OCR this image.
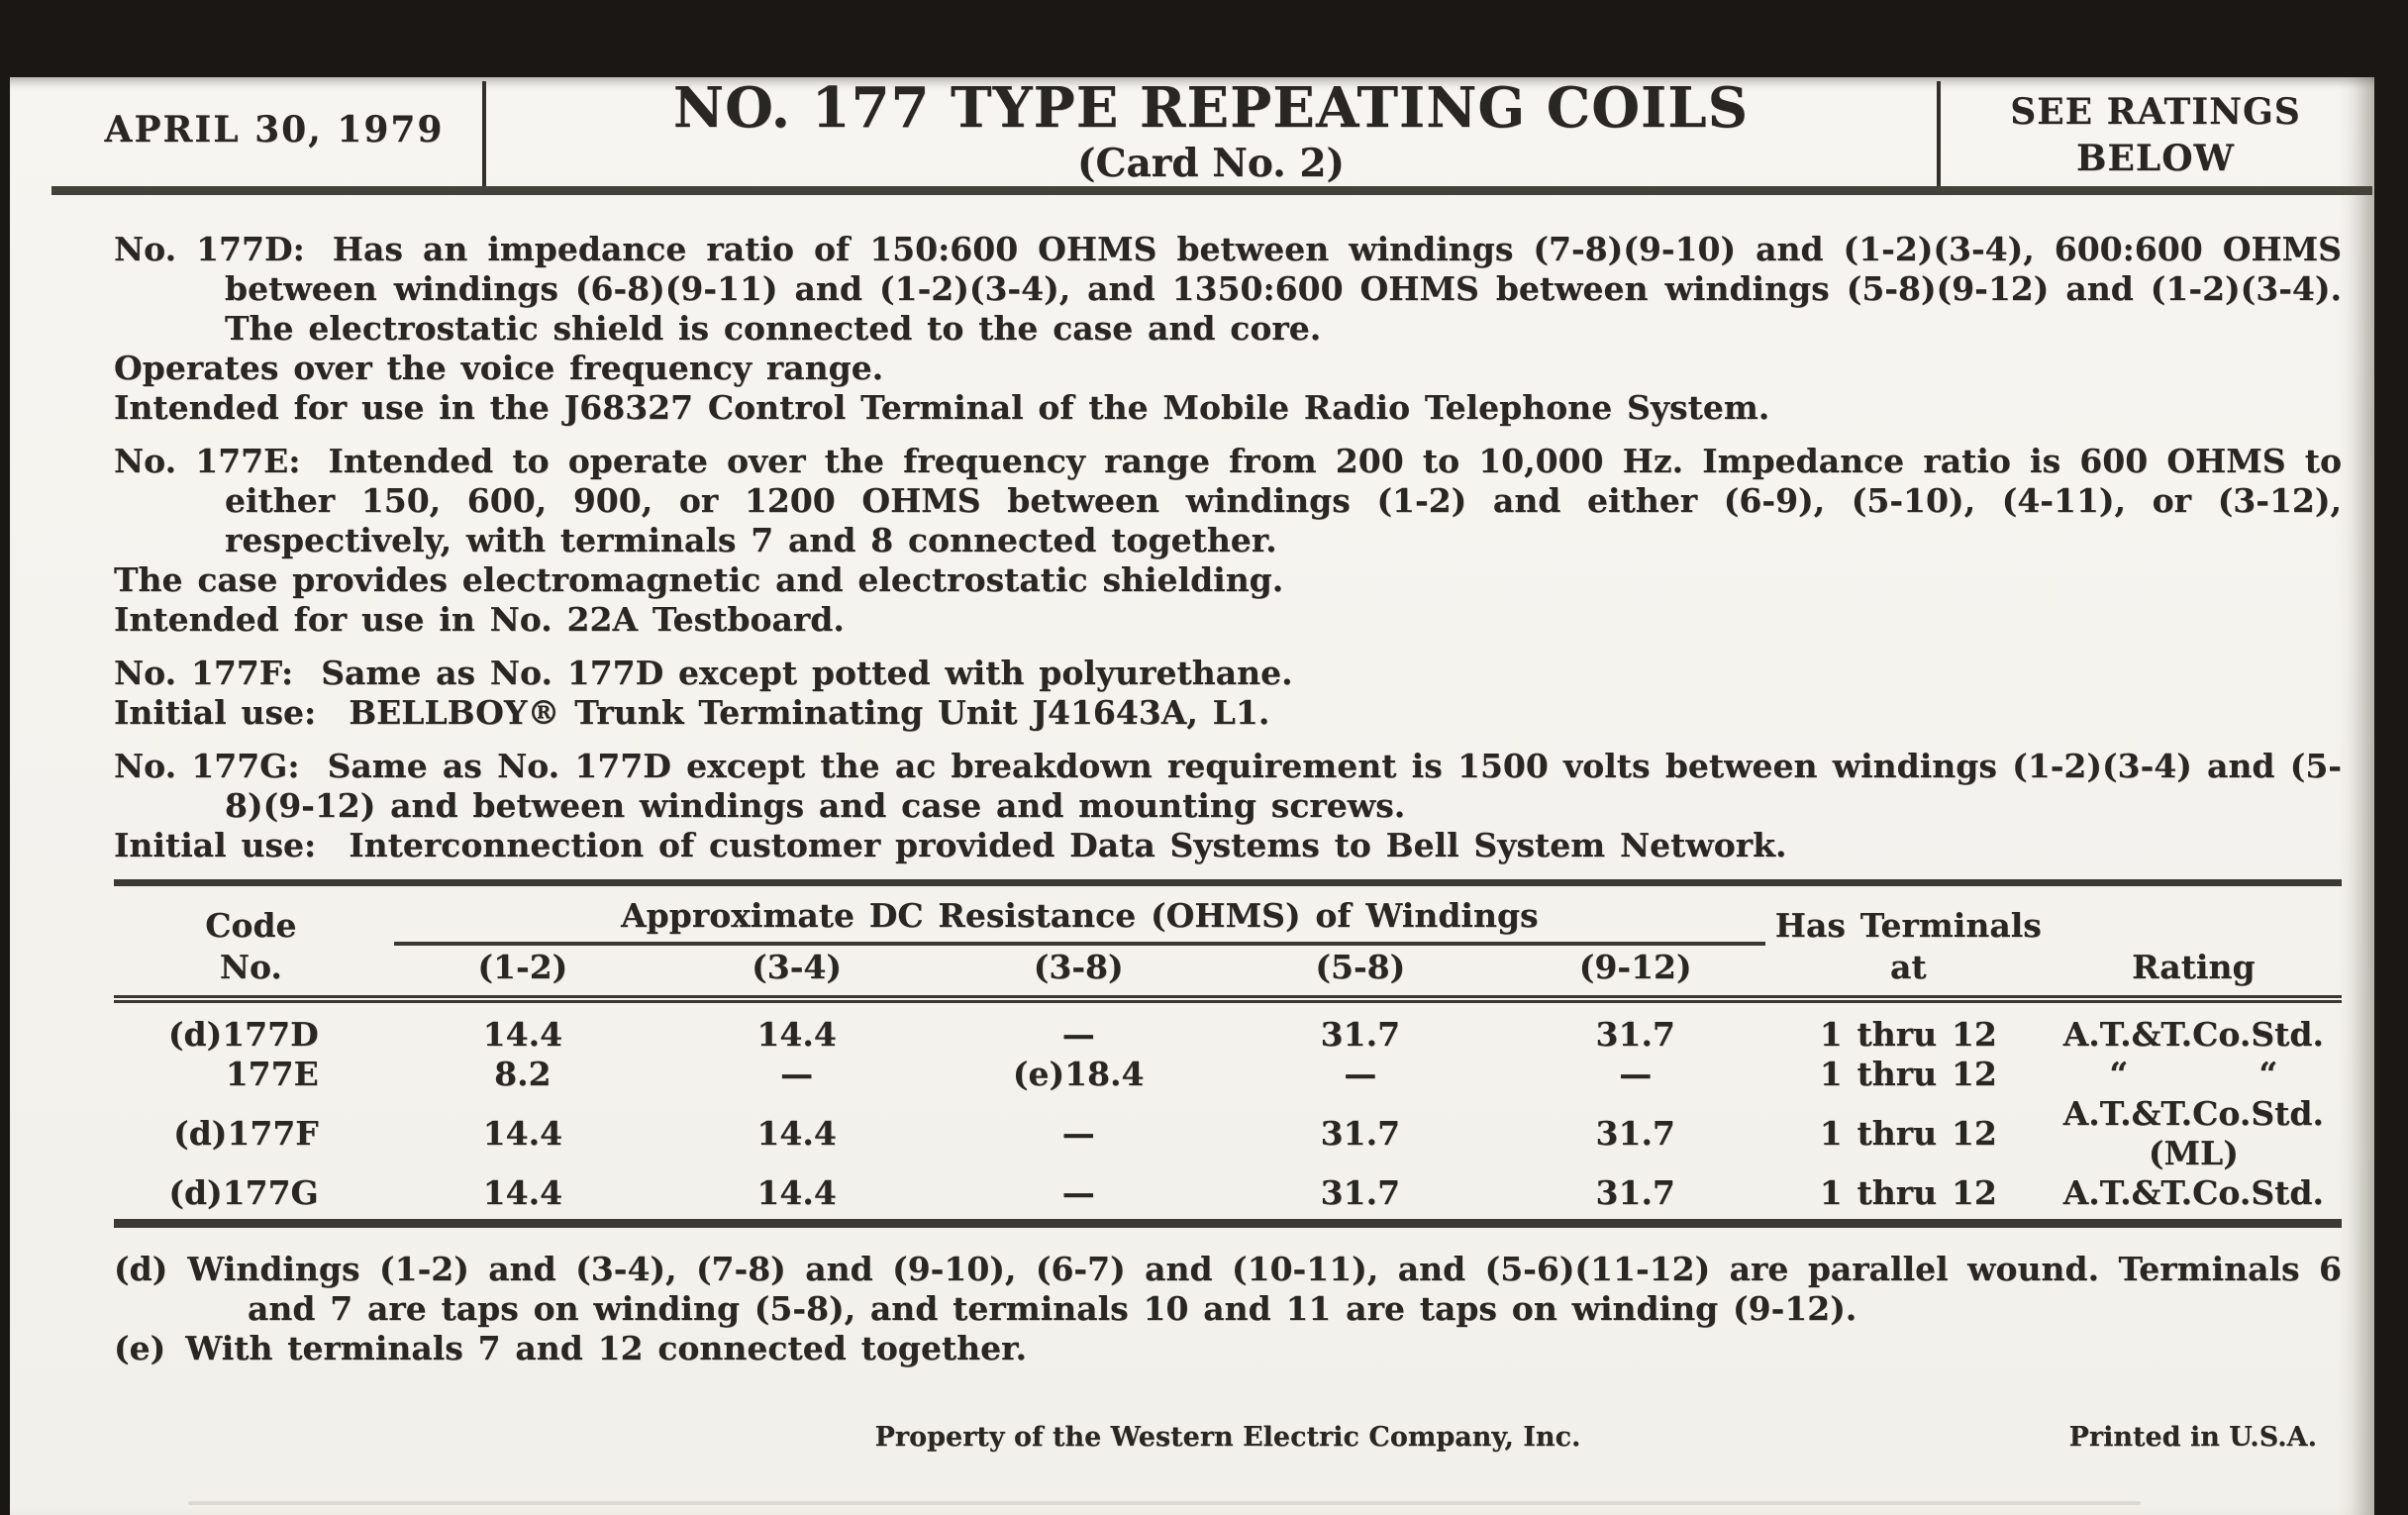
APRIL 30, 1979	NO. 177 TYPE REPEATING COILS
(Card No. 2)
SEE RATINGS
BELOW

No. 177D: Has an impedance ratio of 150:600 OHMS between windings (7-8)(9-10) and (1-2)(3-4), 600:600 OHMS between windings (6-8)(9-11) and (1-2)(3-4), and 1350:600 OHMS between windings (5-8)(9-12) and (1-2)(3-4). The electrostatic shield is connected to the case and core.

Operates over the voice frequency range.

Intended for use in the J68327 Control Terminal of the Mobile Radio Telephone System.

No. 177E: Intended to operate over the frequency range from 200 to 10,000 Hz. Impedance ratio is 600 OHMS to either 150, 600, 900, or 1200 OHMS between windings (1-2) and either (6-9), (5-10), (4-11), or (3-12), respectively, with terminals 7 and 8 connected together.

The case provides electromagnetic and electrostatic shielding.

Intended for use in No. 22A Testboard.

No. 177F: Same as No. 177D except potted with polyurethane.

Initial use:  BELLBOY® Trunk Terminating Unit J41643A, L1.

No. 177G: Same as No. 177D except the ac breakdown requirement is 1500 volts between windings (1-2)(3-4) and (5-8)(9-12) and between windings and case and mounting screws.

Initial use:  Interconnection of customer provided Data Systems to Bell System Network.

Code	Approximate DC Resistance (OHMS) of Windings					Has Terminals	
No.	(1-2)	(3-4)	(3-8)	(5-8)	(9-12)	at	Rating
(d)177D	14.4	14.4	—	31.7	31.7	1 thru 12	A.T.&T.Co.Std.
177E	8.2	—	(e)18.4	—	—	1 thru 12	“    “
(d)177F	14.4	14.4	—	31.7	31.7	1 thru 12	A.T.&T.Co.Std.(ML)
(d)177G	14.4	14.4	—	31.7	31.7	1 thru 12	A.T.&T.Co.Std.

(d) Windings (1-2) and (3-4), (7-8) and (9-10), (6-7) and (10-11), and (5-6)(11-12) are parallel wound. Terminals 6 and 7 are taps on winding (5-8), and terminals 10 and 11 are taps on winding (9-12).

(e) With terminals 7 and 12 connected together.

Property of the Western Electric Company, Inc.	Printed in U.S.A.
